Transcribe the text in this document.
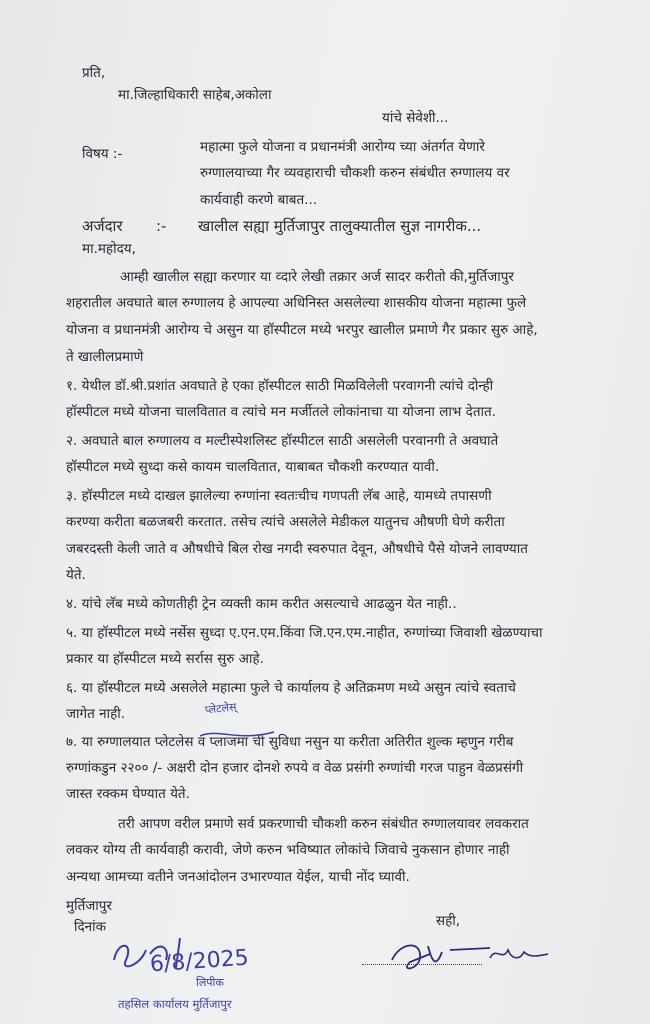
प्रति,
मा.जिल्हाधिकारी साहेब,अकोला
यांचे सेवेशी...
विषय :-	महात्मा फुले योजना व प्रधानमंत्री आरोग्य च्या अंतर्गत येणारे
रुग्णालयाच्या गैर व्यवहाराची चौकशी करुन संबंधीत रुग्णालय वर
कार्यवाही करणे बाबत...
अर्जदार :- खालील सह्या मुर्तिजापुर तालुक्यातील सुज्ञ नागरीक...
मा.महोदय,
आम्ही खालील सह्या करणार या व्दारे लेखी तक्रार अर्ज सादर करीतो की,मुर्तिजापुर
शहरातील अवघाते बाल रुग्णालय हे आपल्या अधिनिस्त असलेल्या शासकीय योजना महात्मा फुले
योजना व प्रधानमंत्री आरोग्य चे असुन या हॉस्पीटल मध्ये भरपुर खालील प्रमाणे गैर प्रकार सुरु आहे,
ते खालीलप्रमाणे
१. येथील डॉ.श्री.प्रशांत अवघाते हे एका हॉस्पीटल साठी मिळविलेली परवागनी त्यांचे दोन्ही
हॉस्पीटल मध्ये योजना चालवितात व त्यांचे मन मर्जीतले लोकांनाचा या योजना लाभ देतात.
२. अवघाते बाल रुग्णालय व मल्टीस्पेशलिस्ट हॉस्पीटल साठी असलेली परवानगी ते अवघाते
हॉस्पीटल मध्ये सुध्दा कसे कायम चालवितात, याबाबत चौकशी करण्यात यावी.
३. हॉस्पीटल मध्ये दाखल झालेल्या रुग्णांना स्वतःचीच गणपती लॅब आहे, यामध्ये तपासणी
करण्या करीता बळजबरी करतात. तसेच त्यांचे असलेले मेडीकल यातुनच औषणी घेणे करीता
जबरदस्ती केली जाते व औषधीचे बिल रोख नगदी स्वरुपात देवून, औषधीचे पैसे योजने लावण्यात
येते.
४. यांचे लॅब मध्ये कोणतीही ट्रेन व्यक्ती काम करीत असल्याचे आढळुन येत नाही..
५. या हॉस्पीटल मध्ये नर्सेस सुध्दा ए.एन.एम.किंवा जि.एन.एम.नाहीत, रुग्णांच्या जिवाशी खेळण्याचा
प्रकार या हॉस्पीटल मध्ये सर्रास सुरु आहे.
६. या हॉस्पीटल मध्ये असलेले महात्मा फुले चे कार्यालय हे अतिक्रमण मध्ये असुन त्यांचे स्वताचे
जागेत नाही.
७. या रुग्णालयात प्लेटलेस व प्लाजमा ची सुविधा नसुन या करीता अतिरीत शुल्क म्हणुन गरीब
रुग्णांकडुन २२०० /- अक्षरी दोन हजार दोनशे रुपये व वेळ प्रसंगी रुग्णांची गरज पाहुन वेळप्रसंगी
जास्त रक्कम घेण्यात येते.
तरी आपण वरील प्रमाणे सर्व प्रकरणाची चौकशी करुन संबंधीत रुग्णालयावर लवकरात
लवकर योग्य ती कार्यवाही करावी, जेणे करुन भविष्यात लोकांचे जिवाचे नुकसान होणार नाही
अन्यथा आमच्या वतीने जनआंदोलन उभारण्यात येईल, याची नोंद घ्यावी.
प्लेटलेस्
मुर्तिजापुर
दिनांक	सही,
6/8/2025
लिपीक
तहसिल कार्यालय मुर्तिजापुर
